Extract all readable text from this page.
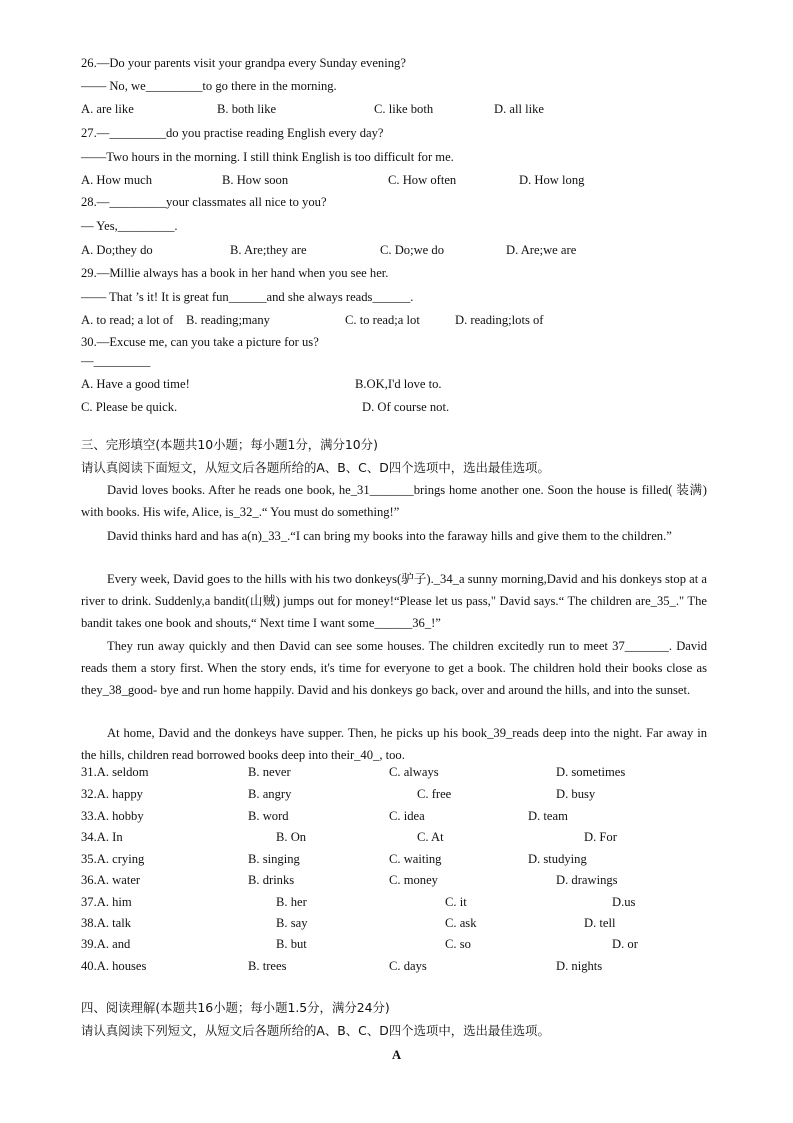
26.—Do your parents visit your grandpa every Sunday evening?
—— No, we_________to go there in the morning.
A. are like	B. both like	C. like both	D. all like
27.—_________do you practise reading English every day?
——Two hours in the morning. I still think English is too difficult for me.
A. How much	B. How soon	C. How often	D. How long
28.—_________your classmates all nice to you?
— Yes,_________.
A. Do;they do	B. Are;they are	C. Do;we do	D. Are;we are
29.—Millie always has a book in her hand when you see her.
—— That ’s it! It is great fun______and she always reads______.
A. to read; a lot of B. reading;many	C. to read;a lot	D. reading;lots of
30.—Excuse me, can you take a picture for us?
—_________
A. Have a good time!	B.OK,I'd love to.
C. Please be quick.	D. Of course not.
三、完形填空(本题共10小题；每小题1分，满分10分)
请认真阅读下面短文，从短文后各题所给的A、B、C、D四个选项中，选出最佳选项。
David loves books. After he reads one book, he_31_______brings home another one. Soon the house is filled( 装满) with books. His wife, Alice, is_32_.“ You must do something!”
David thinks hard and has a(n)_33_.“I can bring my books into the faraway hills and give them to the children.”
Every week, David goes to the hills with his two donkeys(驴子)._34_a sunny morning,David and his donkeys stop at a river to drink. Suddenly,a bandit(山贼) jumps out for money!“Please let us pass," David says.“ The children are_35_." The bandit takes one book and shouts,“ Next time I want some______36_!”
They run away quickly and then David can see some houses. The children excitedly run to meet 37_______. David reads them a story first. When the story ends, it's time for everyone to get a book. The children hold their books close as they_38_good- bye and run home happily. David and his donkeys go back, over and around the hills, and into the sunset.
At home, David and the donkeys have supper. Then, he picks up his book_39_reads deep into the night. Far away in the hills, children read borrowed books deep into their_40_, too.
31.A. seldom	B. never	C. always	D. sometimes
32.A. happy	B. angry	C. free	D. busy
33.A. hobby	B. word	C. idea	D. team
34.A. In	B. On	C. At	D. For
35.A. crying	B. singing	C. waiting	D. studying
36.A. water	B. drinks	C. money	D. drawings
37.A. him	B. her	C. it	D.us
38.A. talk	B. say	C. ask	D. tell
39.A. and	B. but	C. so	D. or
40.A. houses	B. trees	C. days	D. nights
四、阅读理解(本题共16小题；每小题1.5分，满分24分)
请认真阅读下列短文，从短文后各题所给的A、B、C、D四个选项中，选出最佳选项。
A
